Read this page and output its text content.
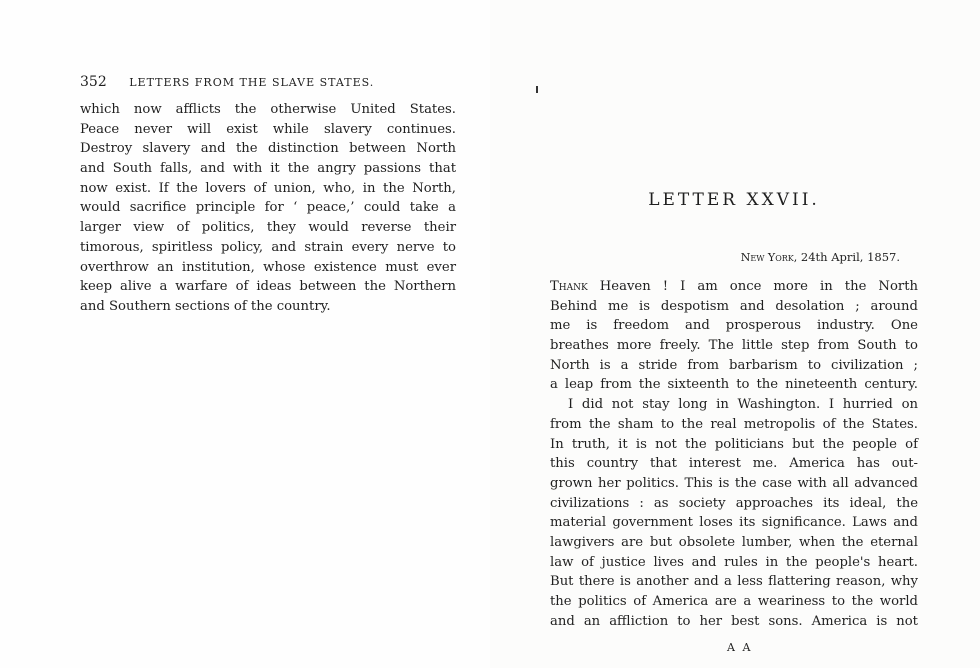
352 LETTERS FROM THE SLAVE STATES.
which now afflicts the otherwise United States.
Peace never will exist while slavery continues.
Destroy slavery and the distinction between North
and South falls, and with it the angry passions that
now exist. If the lovers of union, who, in the North,
would sacrifice principle for ‘ peace,’ could take a
larger view of politics, they would reverse their
timorous, spiritless policy, and strain every nerve to
overthrow an institution, whose existence must ever
keep alive a warfare of ideas between the Northern
and Southern sections of the country.
LETTER XXVII.
New York, 24th April, 1857.
Thank Heaven ! I am once more in the North
Behind me is despotism and desolation ; around
me is freedom and prosperous industry. One
breathes more freely. The little step from South to
North is a stride from barbarism to civilization ;
a leap from the sixteenth to the nineteenth century.
I did not stay long in Washington. I hurried on
from the sham to the real metropolis of the States.
In truth, it is not the politicians but the people of
this country that interest me. America has out-
grown her politics. This is the case with all advanced
civilizations : as society approaches its ideal, the
material government loses its significance. Laws and
lawgivers are but obsolete lumber, when the eternal
law of justice lives and rules in the people's heart.
But there is another and a less flattering reason, why
the politics of America are a weariness to the world
and an affliction to her best sons. America is not
A A
